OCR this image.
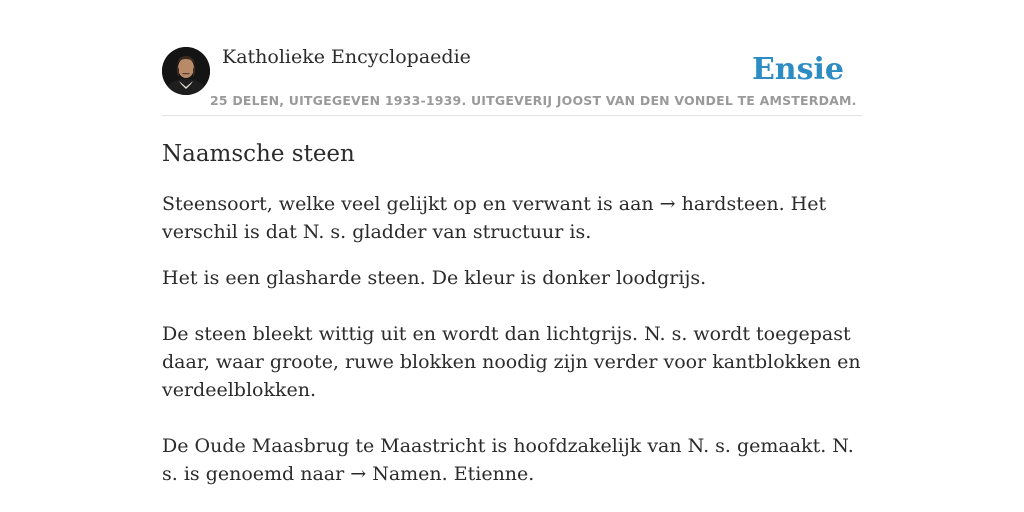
Katholieke Encyclopaedie
25 DELEN, UITGEGEVEN 1933-1939. UITGEVERIJ JOOST VAN DEN VONDEL TE AMSTERDAM.
Ensie
Naamsche steen

Steensoort, welke veel gelijkt op en verwant is aan → hardsteen. Het verschil is dat N. s. gladder van structuur is.

Het is een glasharde steen. De kleur is donker loodgrijs.

De steen bleekt wittig uit en wordt dan lichtgrijs. N. s. wordt toegepast daar, waar groote, ruwe blokken noodig zijn verder voor kantblokken en verdeelblokken.

De Oude Maasbrug te Maastricht is hoofdzakelijk van N. s. gemaakt. N. s. is genoemd naar → Namen. Etienne.
